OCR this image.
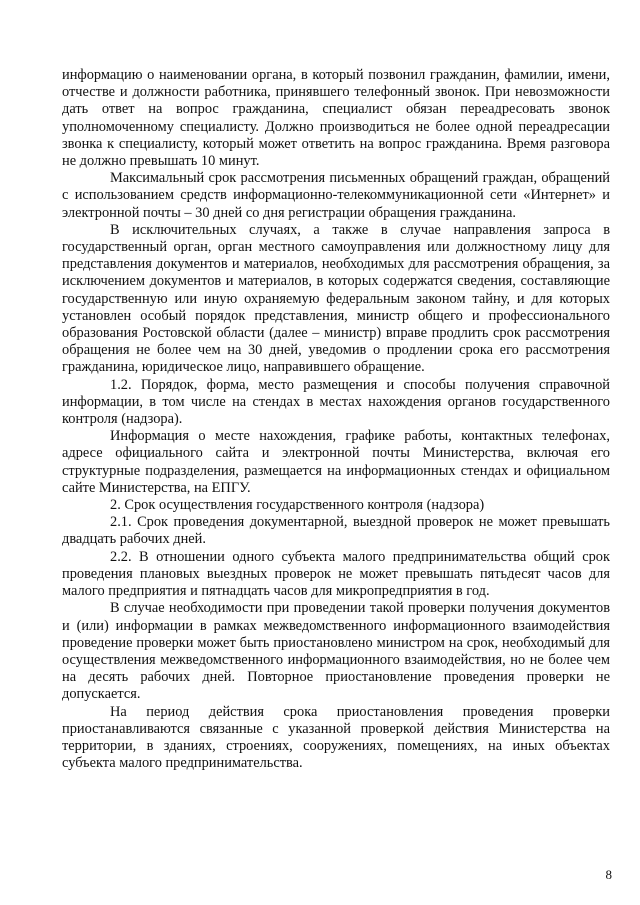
информацию о наименовании органа, в который позвонил гражданин, фамилии, имени, отчестве и должности работника, принявшего телефонный звонок. При невозможности дать ответ на вопрос гражданина, специалист обязан переадресовать звонок уполномоченному специалисту. Должно производиться не более одной переадресации звонка к специалисту, который может ответить на вопрос гражданина. Время разговора не должно превышать 10 минут.

Максимальный срок рассмотрения письменных обращений граждан, обращений с использованием средств информационно-телекоммуникационной сети «Интернет» и электронной почты – 30 дней со дня регистрации обращения гражданина.

В исключительных случаях, а также в случае направления запроса в государственный орган, орган местного самоуправления или должностному лицу для представления документов и материалов, необходимых для рассмотрения обращения, за исключением документов и материалов, в которых содержатся сведения, составляющие государственную или иную охраняемую федеральным законом тайну, и для которых установлен особый порядок представления, министр общего и профессионального образования Ростовской области (далее – министр) вправе продлить срок рассмотрения обращения не более чем на 30 дней, уведомив о продлении срока его рассмотрения гражданина, юридическое лицо, направившего обращение.

1.2. Порядок, форма, место размещения и способы получения справочной информации, в том числе на стендах в местах нахождения органов государственного контроля (надзора).

Информация о месте нахождения, графике работы, контактных телефонах, адресе официального сайта и электронной почты Министерства, включая его структурные подразделения, размещается на информационных стендах и официальном сайте Министерства, на ЕПГУ.

2. Срок осуществления государственного контроля (надзора)

2.1. Срок проведения документарной, выездной проверок не может превышать двадцать рабочих дней.

2.2. В отношении одного субъекта малого предпринимательства общий срок проведения плановых выездных проверок не может превышать пятьдесят часов для малого предприятия и пятнадцать часов для микропредприятия в год.

В случае необходимости при проведении такой проверки получения документов и (или) информации в рамках межведомственного информационного взаимодействия проведение проверки может быть приостановлено министром на срок, необходимый для осуществления межведомственного информационного взаимодействия, но не более чем на десять рабочих дней. Повторное приостановление проведения проверки не допускается.

На период действия срока приостановления проведения проверки приостанавливаются связанные с указанной проверкой действия Министерства на территории, в зданиях, строениях, сооружениях, помещениях, на иных объектах субъекта малого предпринимательства.

8
